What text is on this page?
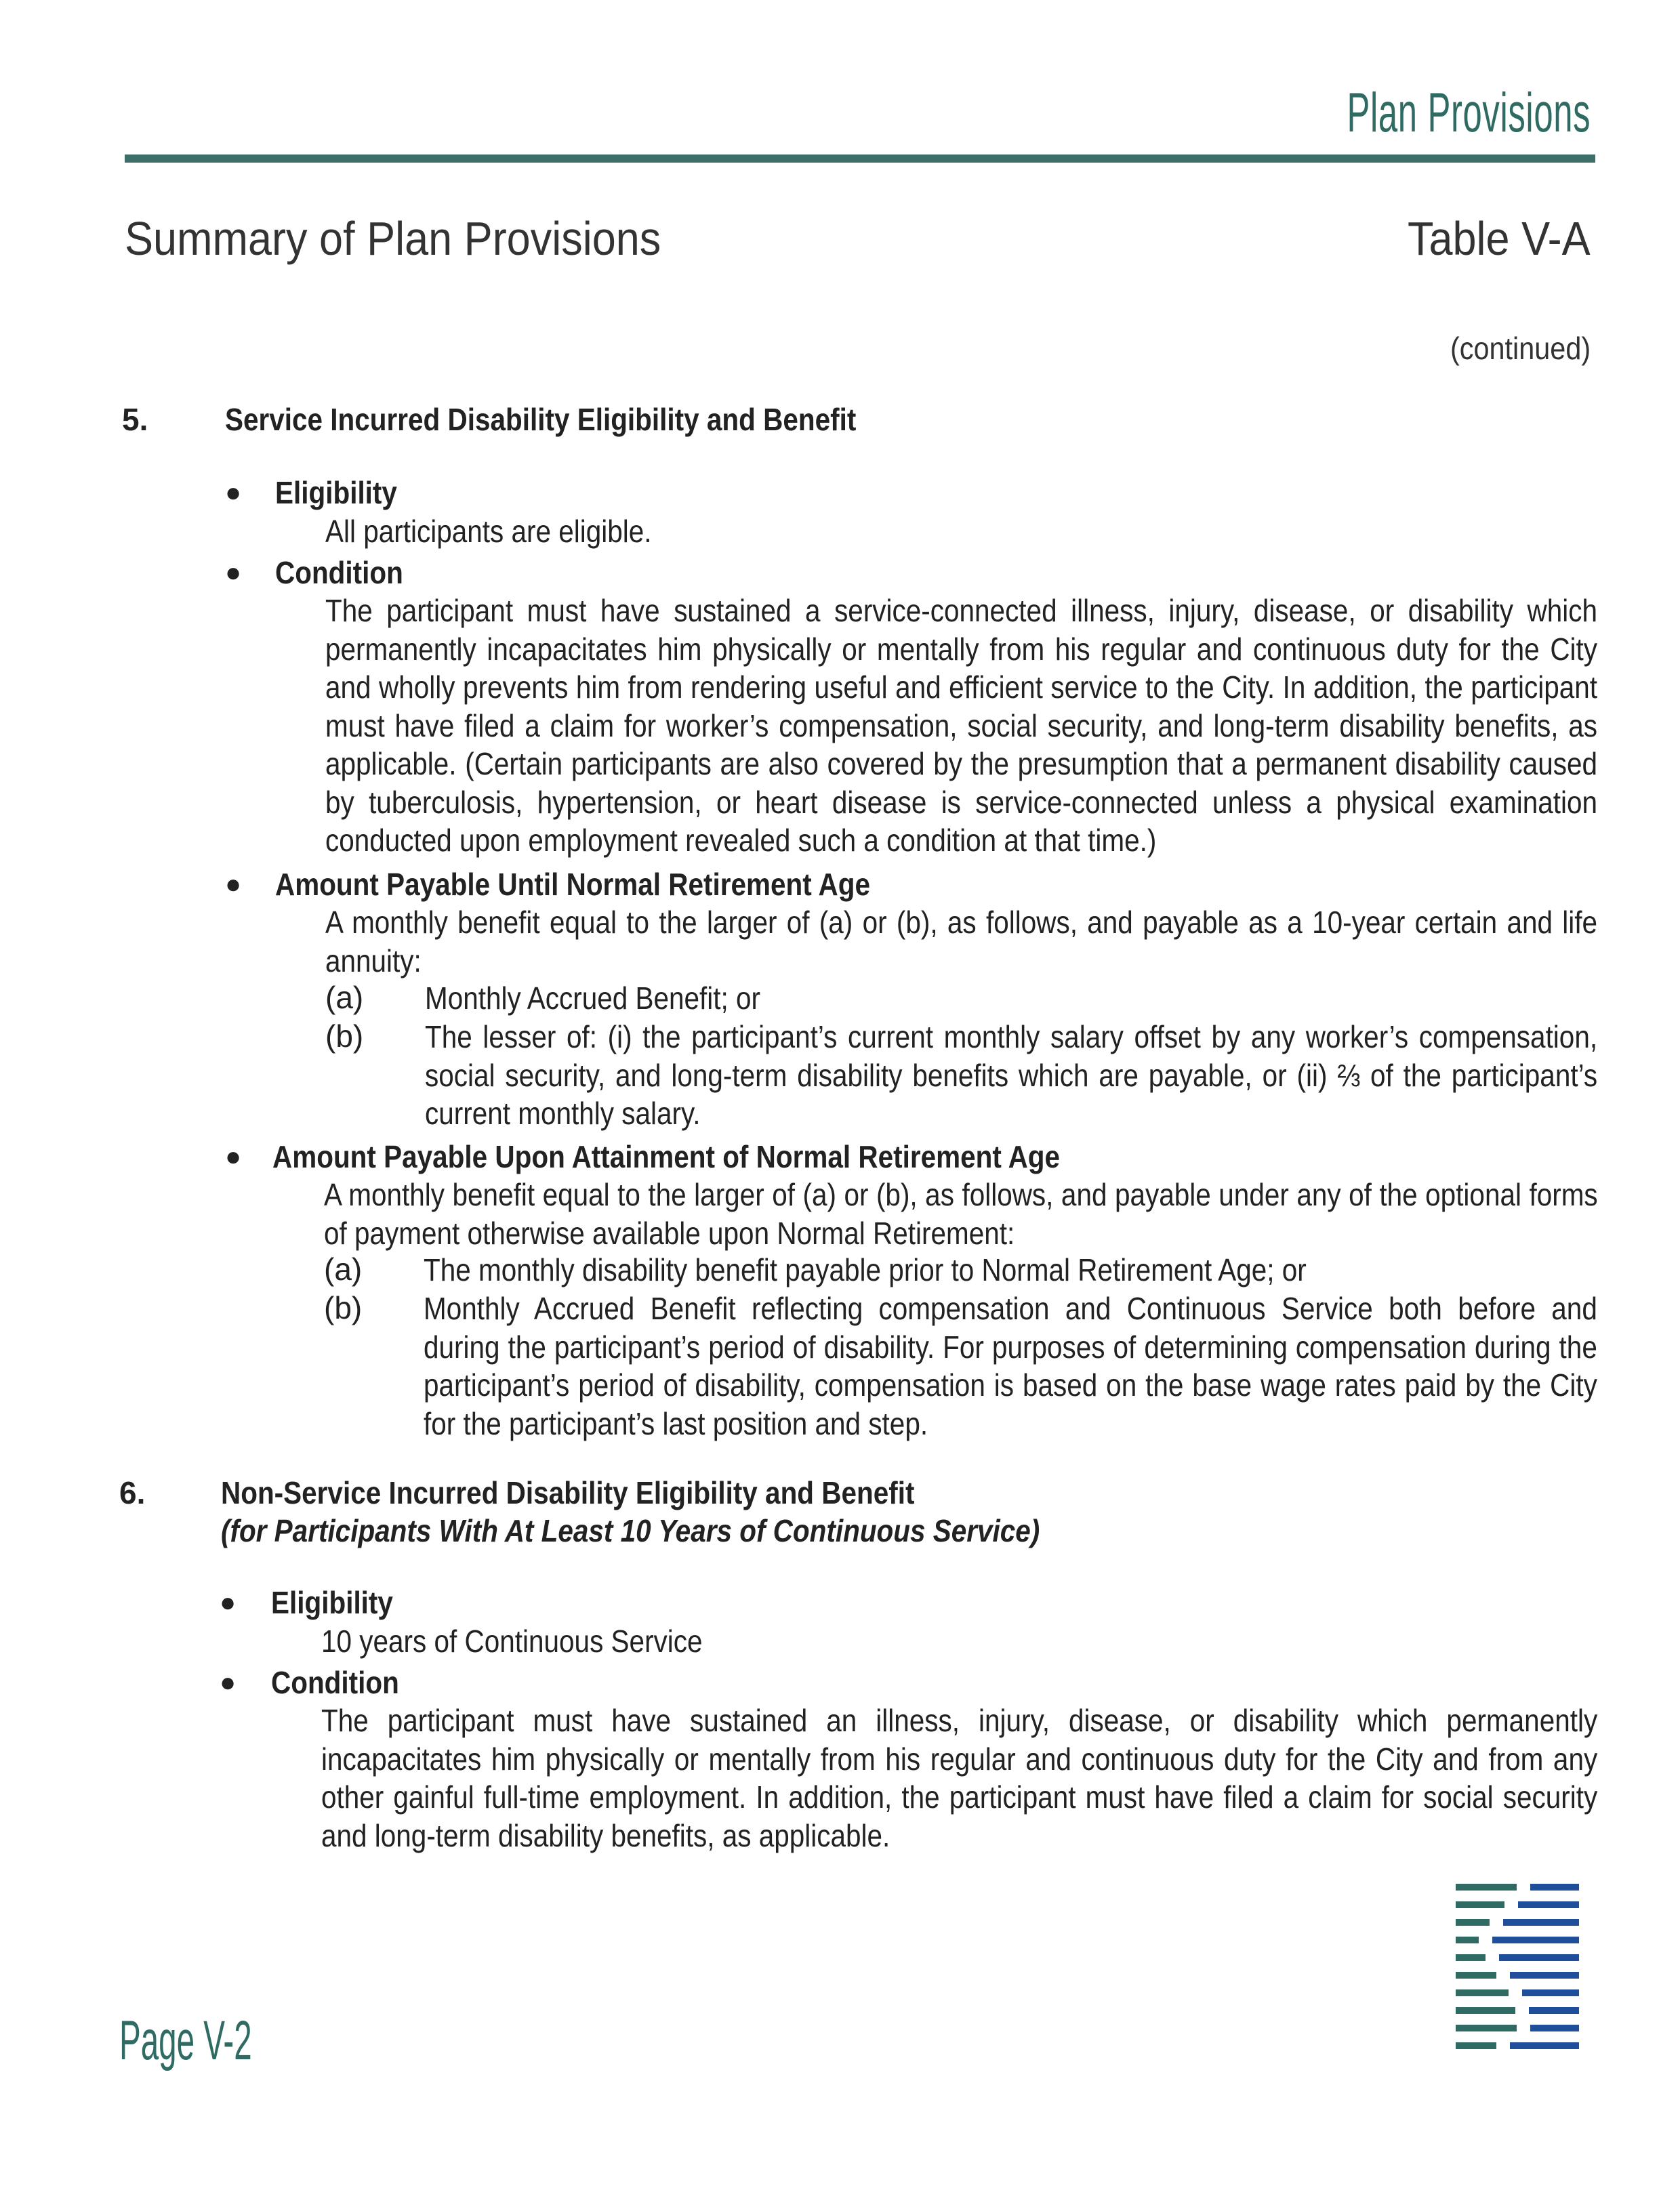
Plan Provisions
Summary of Plan Provisions	Table V-A
(continued)
5. Service Incurred Disability Eligibility and Benefit
● Eligibility
All participants are eligible.
● Condition
The participant must have sustained a service-connected illness, injury, disease, or disability which permanently incapacitates him physically or mentally from his regular and continuous duty for the City and wholly prevents him from rendering useful and efficient service to the City. In addition, the participant must have filed a claim for worker’s compensation, social security, and long-term disability benefits, as applicable. (Certain participants are also covered by the presumption that a permanent disability caused by tuberculosis, hypertension, or heart disease is service-connected unless a physical examination conducted upon employment revealed such a condition at that time.)
● Amount Payable Until Normal Retirement Age
A monthly benefit equal to the larger of (a) or (b), as follows, and payable as a 10-year certain and life annuity:
(a) Monthly Accrued Benefit; or
(b) The lesser of: (i) the participant’s current monthly salary offset by any worker’s compensation, social security, and long-term disability benefits which are payable, or (ii) ⅔ of the participant’s current monthly salary.
● Amount Payable Upon Attainment of Normal Retirement Age
A monthly benefit equal to the larger of (a) or (b), as follows, and payable under any of the optional forms of payment otherwise available upon Normal Retirement:
(a) The monthly disability benefit payable prior to Normal Retirement Age; or
(b) Monthly Accrued Benefit reflecting compensation and Continuous Service both before and during the participant’s period of disability. For purposes of determining compensation during the participant’s period of disability, compensation is based on the base wage rates paid by the City for the participant’s last position and step.
6. Non-Service Incurred Disability Eligibility and Benefit
(for Participants With At Least 10 Years of Continuous Service)
● Eligibility
10 years of Continuous Service
● Condition
The participant must have sustained an illness, injury, disease, or disability which permanently incapacitates him physically or mentally from his regular and continuous duty for the City and from any other gainful full-time employment. In addition, the participant must have filed a claim for social security and long-term disability benefits, as applicable.
Page V-2
